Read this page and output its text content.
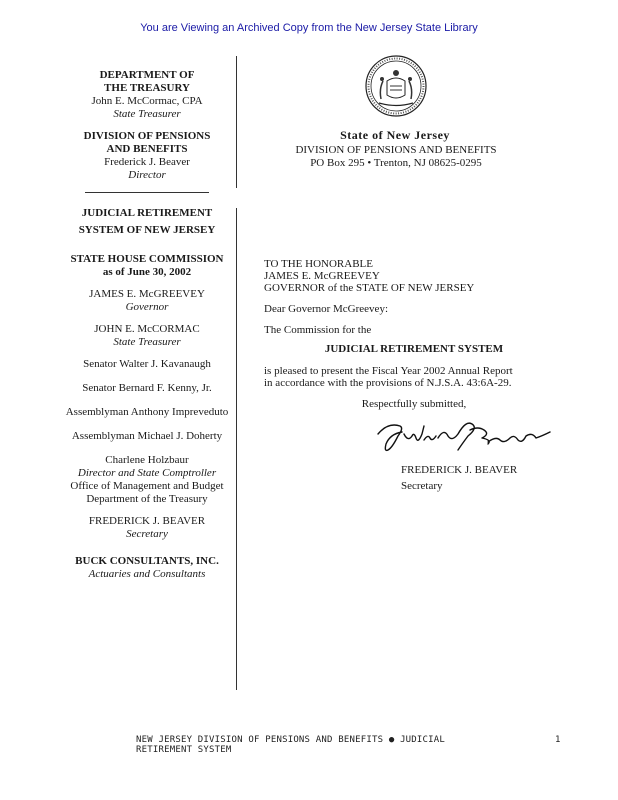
You are Viewing an Archived Copy from the New Jersey State Library
DEPARTMENT OF
THE TREASURY
John E. McCormac, CPA
State Treasurer
DIVISION OF PENSIONS
AND BENEFITS
Frederick J. Beaver
Director
JUDICIAL RETIREMENT
SYSTEM OF NEW JERSEY
STATE HOUSE COMMISSION
as of June 30, 2002
JAMES E. McGREEVEY
Governor
JOHN E. McCORMAC
State Treasurer
Senator Walter J. Kavanaugh
Senator Bernard F. Kenny, Jr.
Assemblyman Anthony Impreveduto
Assemblyman Michael J. Doherty
Charlene Holzbaur
Director and State Comptroller
Office of Management and Budget
Department of the Treasury
FREDERICK J. BEAVER
Secretary
BUCK CONSULTANTS, INC.
Actuaries and Consultants
State of New Jersey
DIVISION OF PENSIONS AND BENEFITS
PO Box 295 • Trenton, NJ 08625-0295
TO THE HONORABLE
JAMES E. McGREEVEY
GOVERNOR of the STATE OF NEW JERSEY
Dear Governor McGreevey:
The Commission for the
JUDICIAL RETIREMENT SYSTEM
is pleased to present the Fiscal Year 2002 Annual Report
in accordance with the provisions of N.J.S.A. 43:6A-29.
Respectfully submitted,
FREDERICK J. BEAVER
Secretary
NEW JERSEY DIVISION OF PENSIONS AND BENEFITS ● JUDICIAL RETIREMENT SYSTEM
1
